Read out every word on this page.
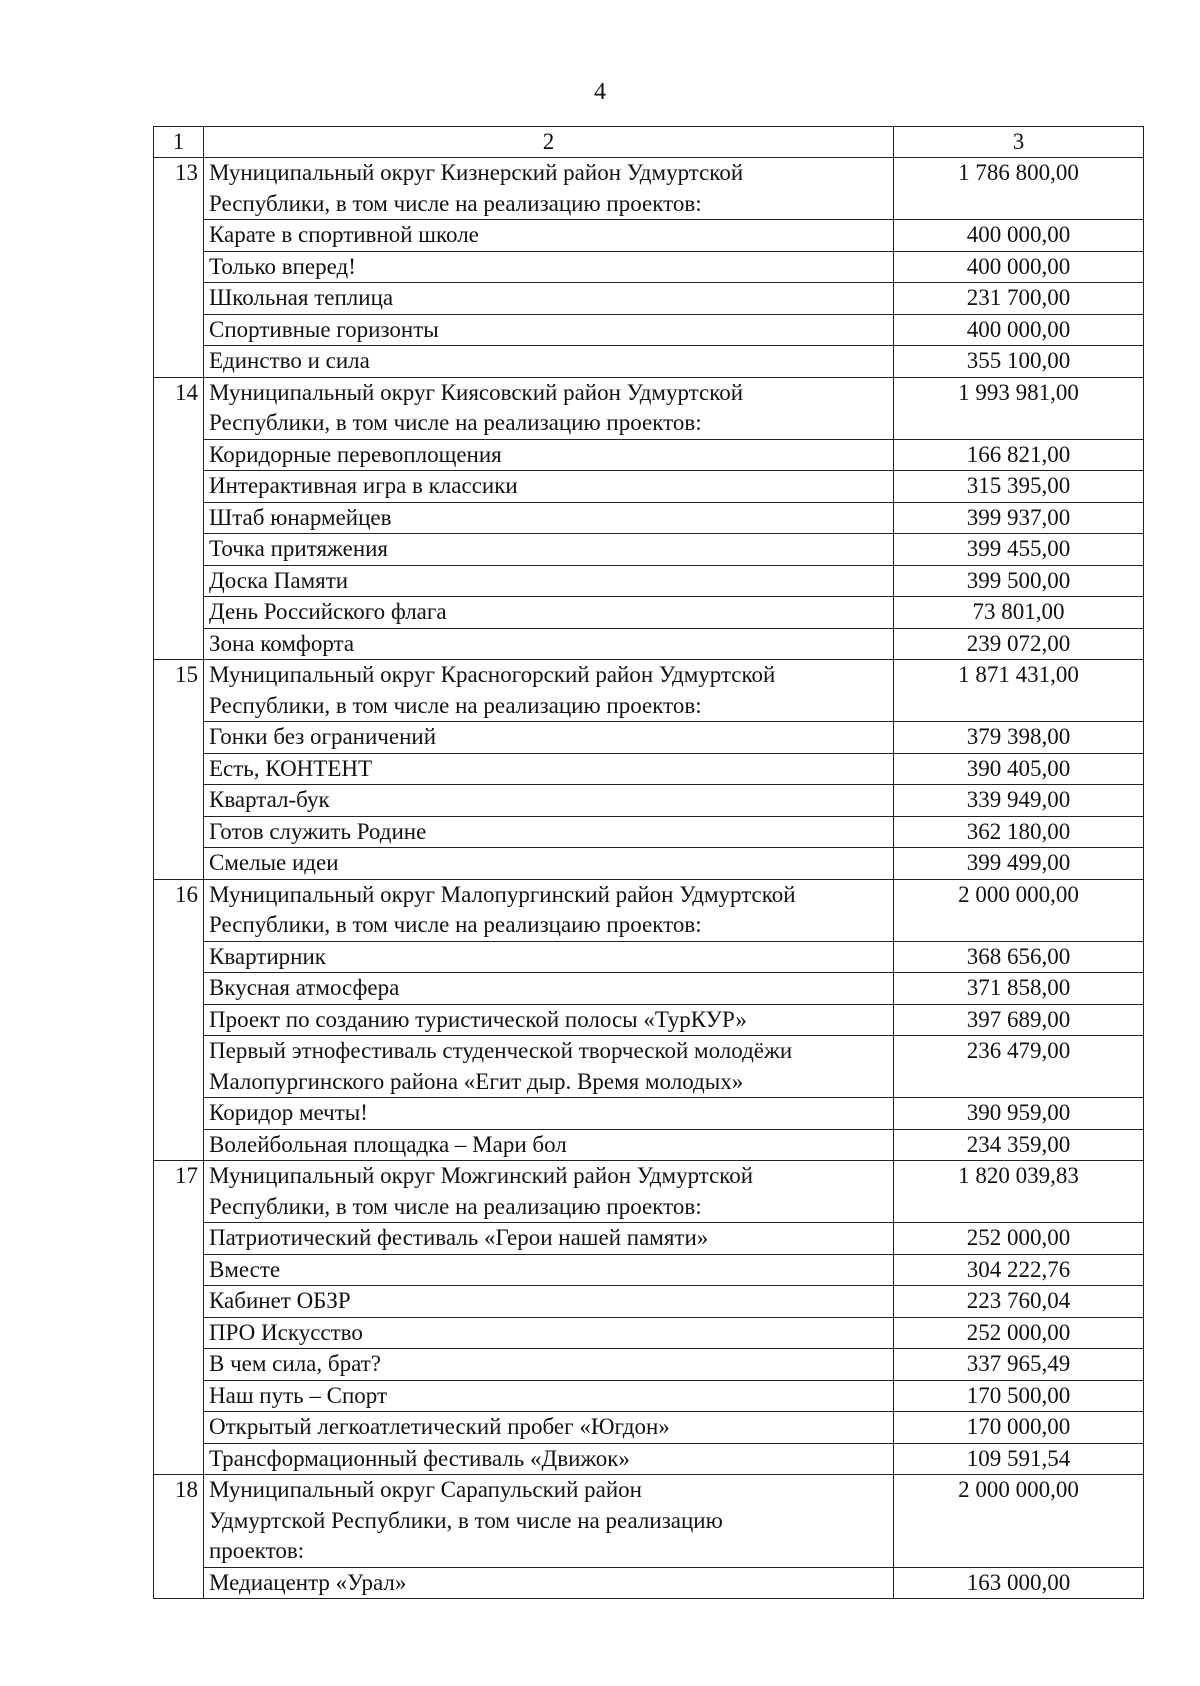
4
1	2	3
13	Муниципальный округ Кизнерский район Удмуртской
Республики, в том числе на реализацию проектов:	1 786 800,00
	Карате в спортивной школе	400 000,00
	Только вперед!	400 000,00
	Школьная теплица	231 700,00
	Спортивные горизонты	400 000,00
	Единство и сила	355 100,00
14	Муниципальный округ Киясовский район Удмуртской
Республики, в том числе на реализацию проектов:	1 993 981,00
	Коридорные перевоплощения	166 821,00
	Интерактивная игра в классики	315 395,00
	Штаб юнармейцев	399 937,00
	Точка притяжения	399 455,00
	Доска Памяти	399 500,00
	День Российского флага	73 801,00
	Зона комфорта	239 072,00
15	Муниципальный округ Красногорский район Удмуртской
Республики, в том числе на реализацию проектов:	1 871 431,00
	Гонки без ограничений	379 398,00
	Есть, КОНТЕНТ	390 405,00
	Квартал-бук	339 949,00
	Готов служить Родине	362 180,00
	Смелые идеи	399 499,00
16	Муниципальный округ Малопургинский район Удмуртской
Республики, в том числе на реализцаию проектов:	2 000 000,00
	Квартирник	368 656,00
	Вкусная атмосфера	371 858,00
	Проект по созданию туристической полосы «ТурКУР»	397 689,00

	Первый этнофестиваль студенческой творческой молодёжи
Малопургинского района «Егит дыр. Время молодых»	236 479,00
	Коридор мечты!	390 959,00
	Волейбольная площадка – Мари бол	234 359,00
17	Муниципальный округ Можгинский район Удмуртской
Республики, в том числе на реализацию проектов:	1 820 039,83
	Патриотический фестиваль «Герои нашей памяти»	252 000,00
	Вместе	304 222,76
	Кабинет ОБЗР	223 760,04
	ПРО Искусство	252 000,00
	В чем сила, брат?	337 965,49
	Наш путь – Спорт	170 500,00
	Открытый легкоатлетический пробег «Югдон»	170 000,00
	Трансформационный фестиваль «Движок»	109 591,54
18	Муниципальный округ Сарапульский район
Удмуртской Республики, в том числе на реализацию
проектов:	2 000 000,00
	Медиацентр «Урал»	163 000,00
